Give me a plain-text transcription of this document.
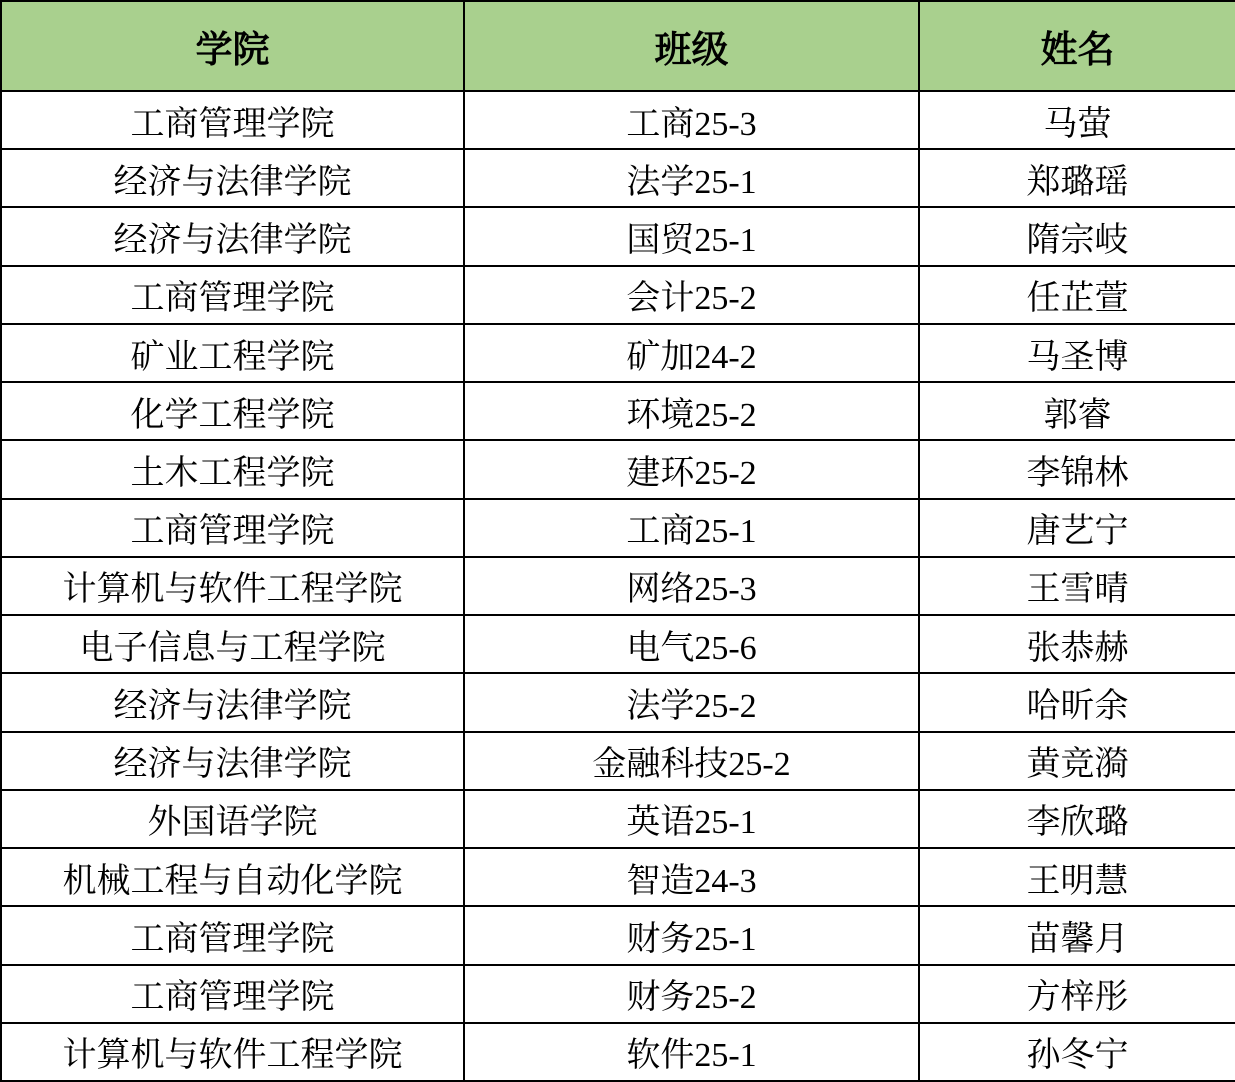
学院	班级	姓名
工商管理学院	工商25-3	马萤
经济与法律学院	法学25-1	郑璐瑶
经济与法律学院	国贸25-1	隋宗岐
工商管理学院	会计25-2	任芷萱
矿业工程学院	矿加24-2	马圣博
化学工程学院	环境25-2	郭睿
土木工程学院	建环25-2	李锦林
工商管理学院	工商25-1	唐艺宁
计算机与软件工程学院	网络25-3	王雪晴
电子信息与工程学院	电气25-6	张恭赫
经济与法律学院	法学25-2	哈昕余
经济与法律学院	金融科技25-2	黄竞漪
外国语学院	英语25-1	李欣璐
机械工程与自动化学院	智造24-3	王明慧
工商管理学院	财务25-1	苗馨月
工商管理学院	财务25-2	方梓彤
计算机与软件工程学院	软件25-1	孙冬宁
